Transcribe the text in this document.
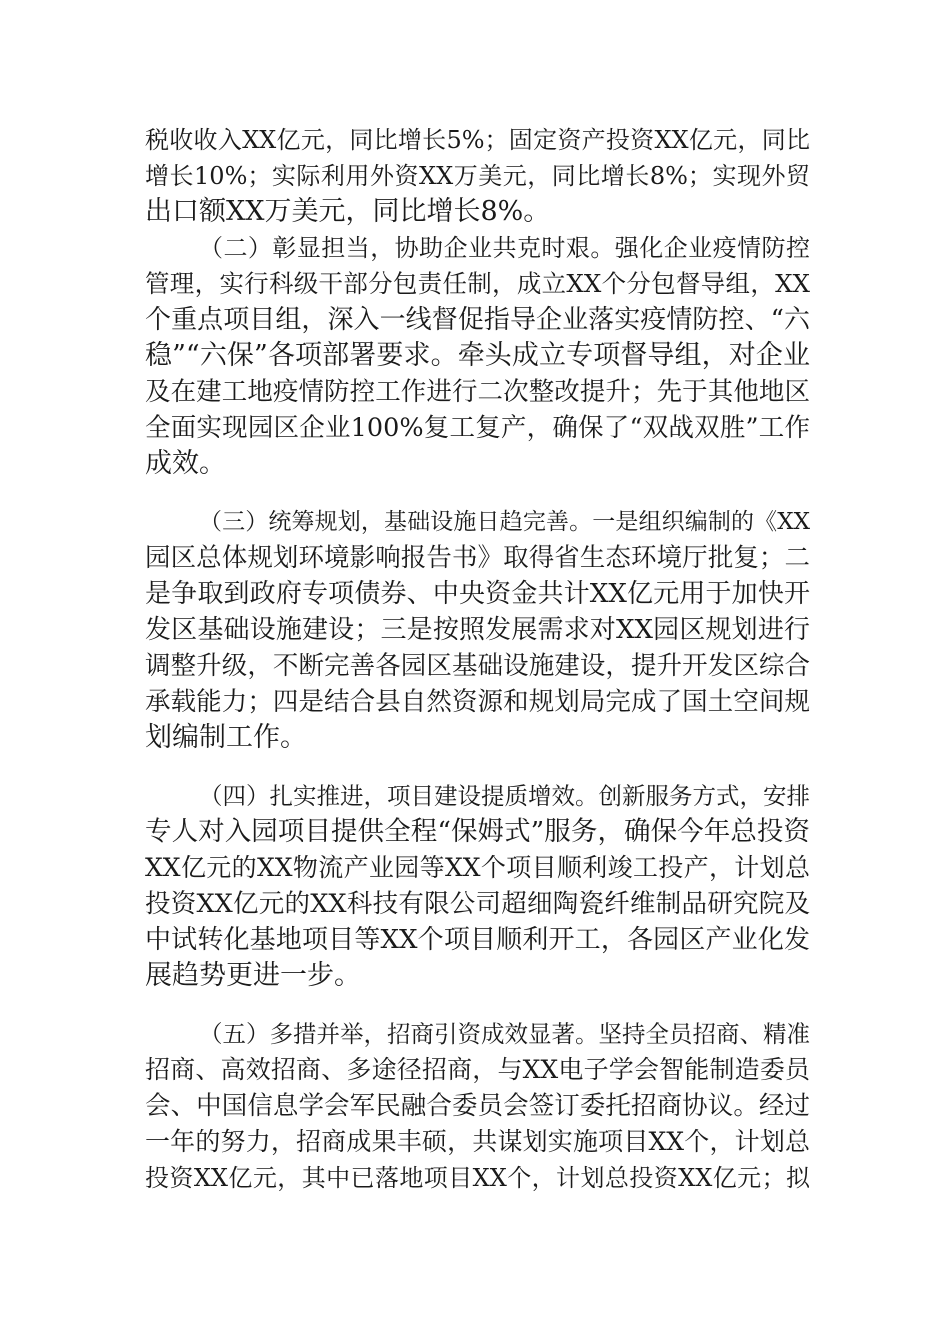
税收收入XX亿元，同比增长5%；固定资产投资XX亿元，同比
增长10%；实际利用外资XX万美元，同比增长8%；实现外贸
出口额XX万美元，同比增长8%。
（二）彰显担当，协助企业共克时艰。强化企业疫情防控
管理，实行科级干部分包责任制，成立XX个分包督导组，XX
个重点项目组，深入一线督促指导企业落实疫情防控、“六
稳”“六保”各项部署要求。牵头成立专项督导组，对企业
及在建工地疫情防控工作进行二次整改提升；先于其他地区
全面实现园区企业100%复工复产，确保了“双战双胜”工作
成效。
（三）统筹规划，基础设施日趋完善。一是组织编制的《XX
园区总体规划环境影响报告书》取得省生态环境厅批复；二
是争取到政府专项债券、中央资金共计XX亿元用于加快开
发区基础设施建设；三是按照发展需求对XX园区规划进行
调整升级，不断完善各园区基础设施建设，提升开发区综合
承载能力；四是结合县自然资源和规划局完成了国土空间规
划编制工作。
（四）扎实推进，项目建设提质增效。创新服务方式，安排
专人对入园项目提供全程“保姆式”服务，确保今年总投资
XX亿元的XX物流产业园等XX个项目顺利竣工投产，计划总
投资XX亿元的XX科技有限公司超细陶瓷纤维制品研究院及
中试转化基地项目等XX个项目顺利开工，各园区产业化发
展趋势更进一步。
（五）多措并举，招商引资成效显著。坚持全员招商、精准
招商、高效招商、多途径招商，与XX电子学会智能制造委员
会、中国信息学会军民融合委员会签订委托招商协议。经过
一年的努力，招商成果丰硕，共谋划实施项目XX个，计划总
投资XX亿元，其中已落地项目XX个，计划总投资XX亿元；拟
